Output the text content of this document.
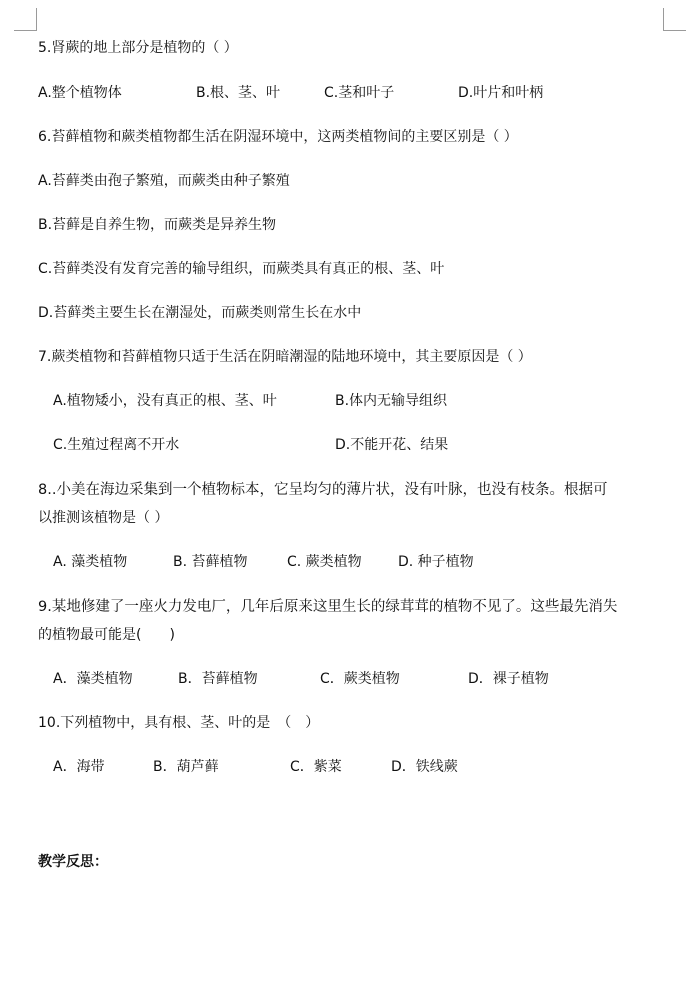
5.肾蕨的地上部分是植物的（ ）
A.整个植物体	B.根、茎、叶	C.茎和叶子	D.叶片和叶柄
6.苔藓植物和蕨类植物都生活在阴湿环境中，这两类植物间的主要区别是（ ）
A.苔藓类由孢子繁殖，而蕨类由种子繁殖
B.苔藓是自养生物，而蕨类是异养生物
C.苔藓类没有发育完善的输导组织，而蕨类具有真正的根、茎、叶
D.苔藓类主要生长在潮湿处，而蕨类则常生长在水中
7.蕨类植物和苔藓植物只适于生活在阴暗潮湿的陆地环境中，其主要原因是（ ）
A.植物矮小，没有真正的根、茎、叶	B.体内无输导组织
C.生殖过程离不开水	D.不能开花、结果
8..小美在海边采集到一个植物标本，它呈均匀的薄片状，没有叶脉，也没有枝条。根据可
以推测该植物是（ ）
A. 藻类植物	B. 苔藓植物	C. 蕨类植物	D. 种子植物
9.某地修建了一座火力发电厂，几年后原来这里生长的绿茸茸的植物不见了。这些最先消失
的植物最可能是(　　)
A．藻类植物	B．苔藓植物	C．蕨类植物	D．裸子植物
10.下列植物中，具有根、茎、叶的是　（　）
A．海带	B．葫芦藓	C．紫菜	D．铁线蕨
教学反思：
